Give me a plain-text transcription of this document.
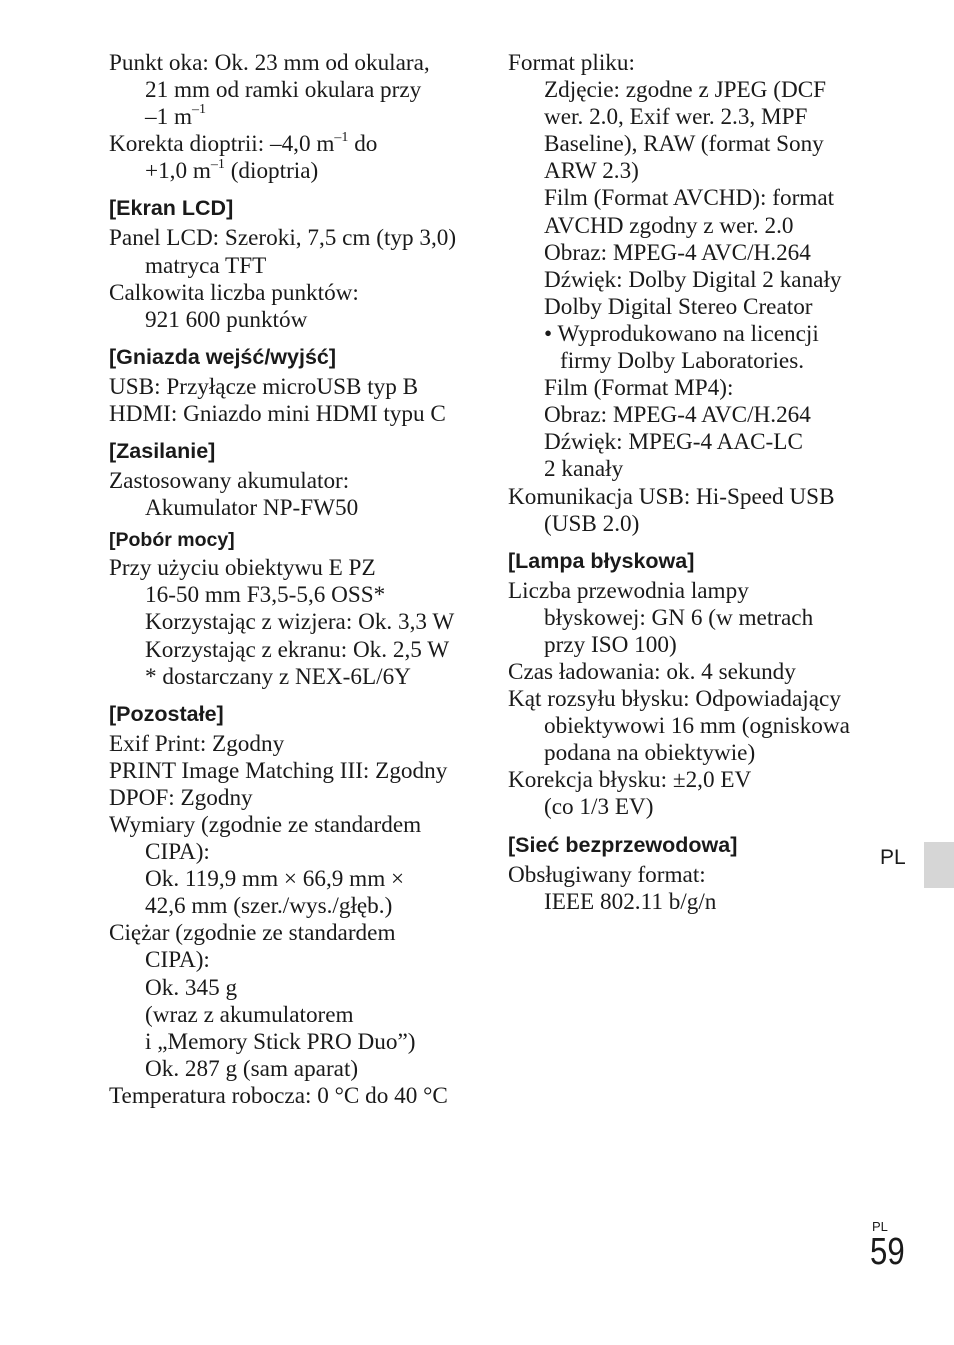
Punkt oka: Ok. 23 mm od okulara,
21 mm od ramki okulara przy
–1 $m^{-1}$
Korekta dioptrii: –4,0 $m^{-1}$ do
+1,0 $m^{-1}$ (dioptria)
[Ekran LCD]
Panel LCD: Szeroki, 7,5 cm (typ 3,0)
matryca TFT
Calkowita liczba punktów:
921 600 punktów
[Gniazda wejść/wyjść]
USB: Przyłącze microUSB typ B
HDMI: Gniazdo mini HDMI typu C
[Zasilanie]
Zastosowany akumulator:
Akumulator NP-FW50
[Pobór mocy]
Przy użyciu obiektywu E PZ
16-50 mm F3,5-5,6 OSS*
Korzystając z wizjera: Ok. 3,3 W
Korzystając z ekranu: Ok. 2,5 W
* dostarczany z NEX-6L/6Y
[Pozostałe]
Exif Print: Zgodny
PRINT Image Matching III: Zgodny
DPOF: Zgodny
Wymiary (zgodnie ze standardem
CIPA):
Ok. 119,9 mm × 66,9 mm ×
42,6 mm (szer./wys./głęb.)
Ciężar (zgodnie ze standardem
CIPA):
Ok. 345 g
(wraz z akumulatorem
i „Memory Stick PRO Duo”)
Ok. 287 g (sam aparat)
Temperatura robocza: 0 °C do 40 °C
Format pliku:
Zdjęcie: zgodne z JPEG (DCF
wer. 2.0, Exif wer. 2.3, MPF
Baseline), RAW (format Sony
ARW 2.3)
Film (Format AVCHD): format
AVCHD zgodny z wer. 2.0
Obraz: MPEG-4 AVC/H.264
Dźwięk: Dolby Digital 2 kanały
Dolby Digital Stereo Creator
• Wyprodukowano na licencji
firmy Dolby Laboratories.
Film (Format MP4):
Obraz: MPEG-4 AVC/H.264
Dźwięk: MPEG-4 AAC-LC
2 kanały
Komunikacja USB: Hi-Speed USB
(USB 2.0)
[Lampa błyskowa]
Liczba przewodnia lampy
błyskowej: GN 6 (w metrach
przy ISO 100)
Czas ładowania: ok. 4 sekundy
Kąt rozsyłu błysku: Odpowiadający
obiektywowi 16 mm (ogniskowa
podana na obiektywie)
Korekcja błysku: ±2,0 EV
(co 1/3 EV)
[Sieć bezprzewodowa]
Obsługiwany format:
IEEE 802.11 b/g/n
PL
PL
59
